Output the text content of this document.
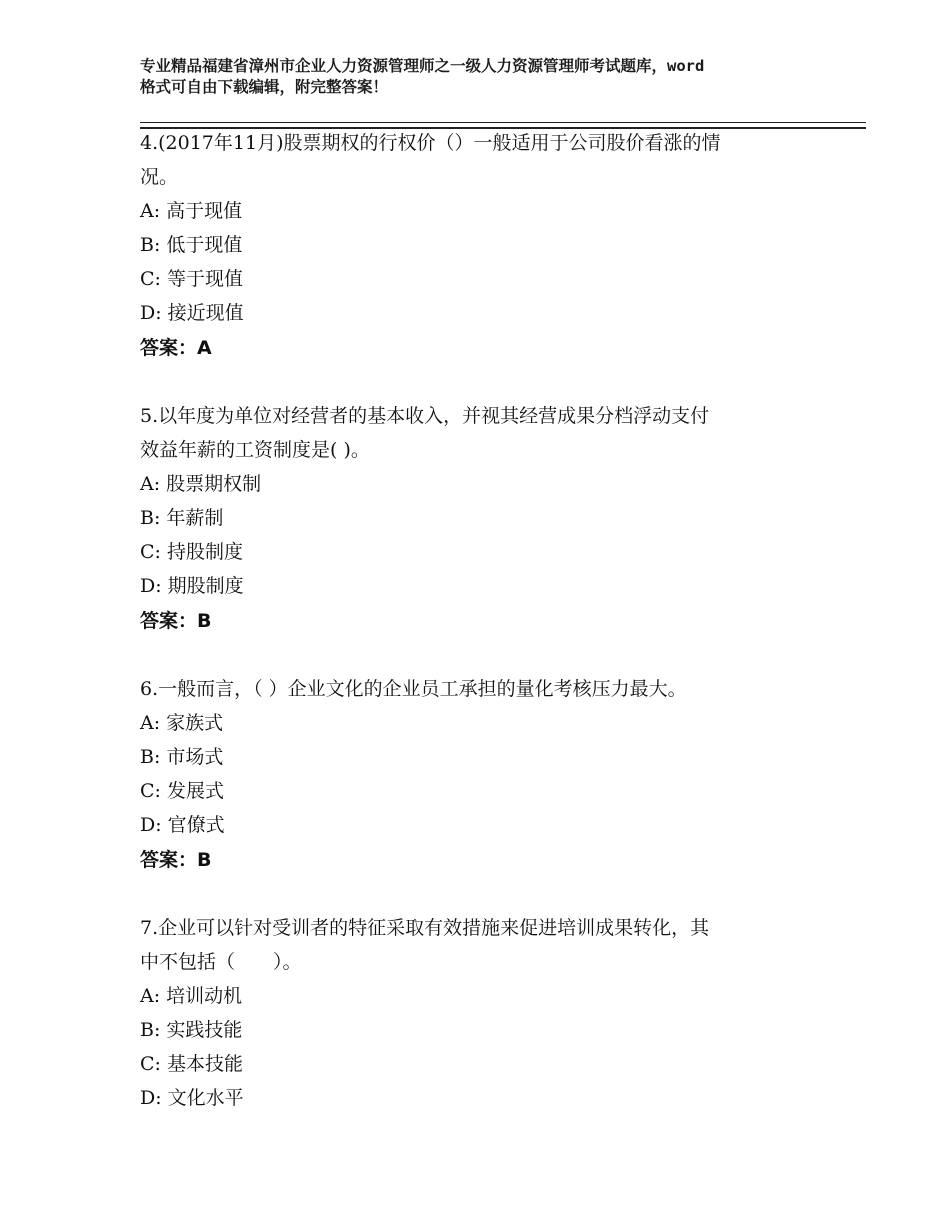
专业精品福建省漳州市企业人力资源管理师之一级人力资源管理师考试题库，word
格式可自由下载编辑，附完整答案！
4.(2017年11月)股票期权的行权价（）一般适用于公司股价看涨的情
况。
A: 高于现值
B: 低于现值
C: 等于现值
D: 接近现值
答案：A
5.以年度为单位对经营者的基本收入，并视其经营成果分档浮动支付
效益年薪的工资制度是( )。
A: 股票期权制
B: 年薪制
C: 持股制度
D: 期股制度
答案：B
6.一般而言，（ ）企业文化的企业员工承担的量化考核压力最大。
A: 家族式
B: 市场式
C: 发展式
D: 官僚式
答案：B
7.企业可以针对受训者的特征采取有效措施来促进培训成果转化，其
中不包括（　　）。
A: 培训动机
B: 实践技能
C: 基本技能
D: 文化水平
